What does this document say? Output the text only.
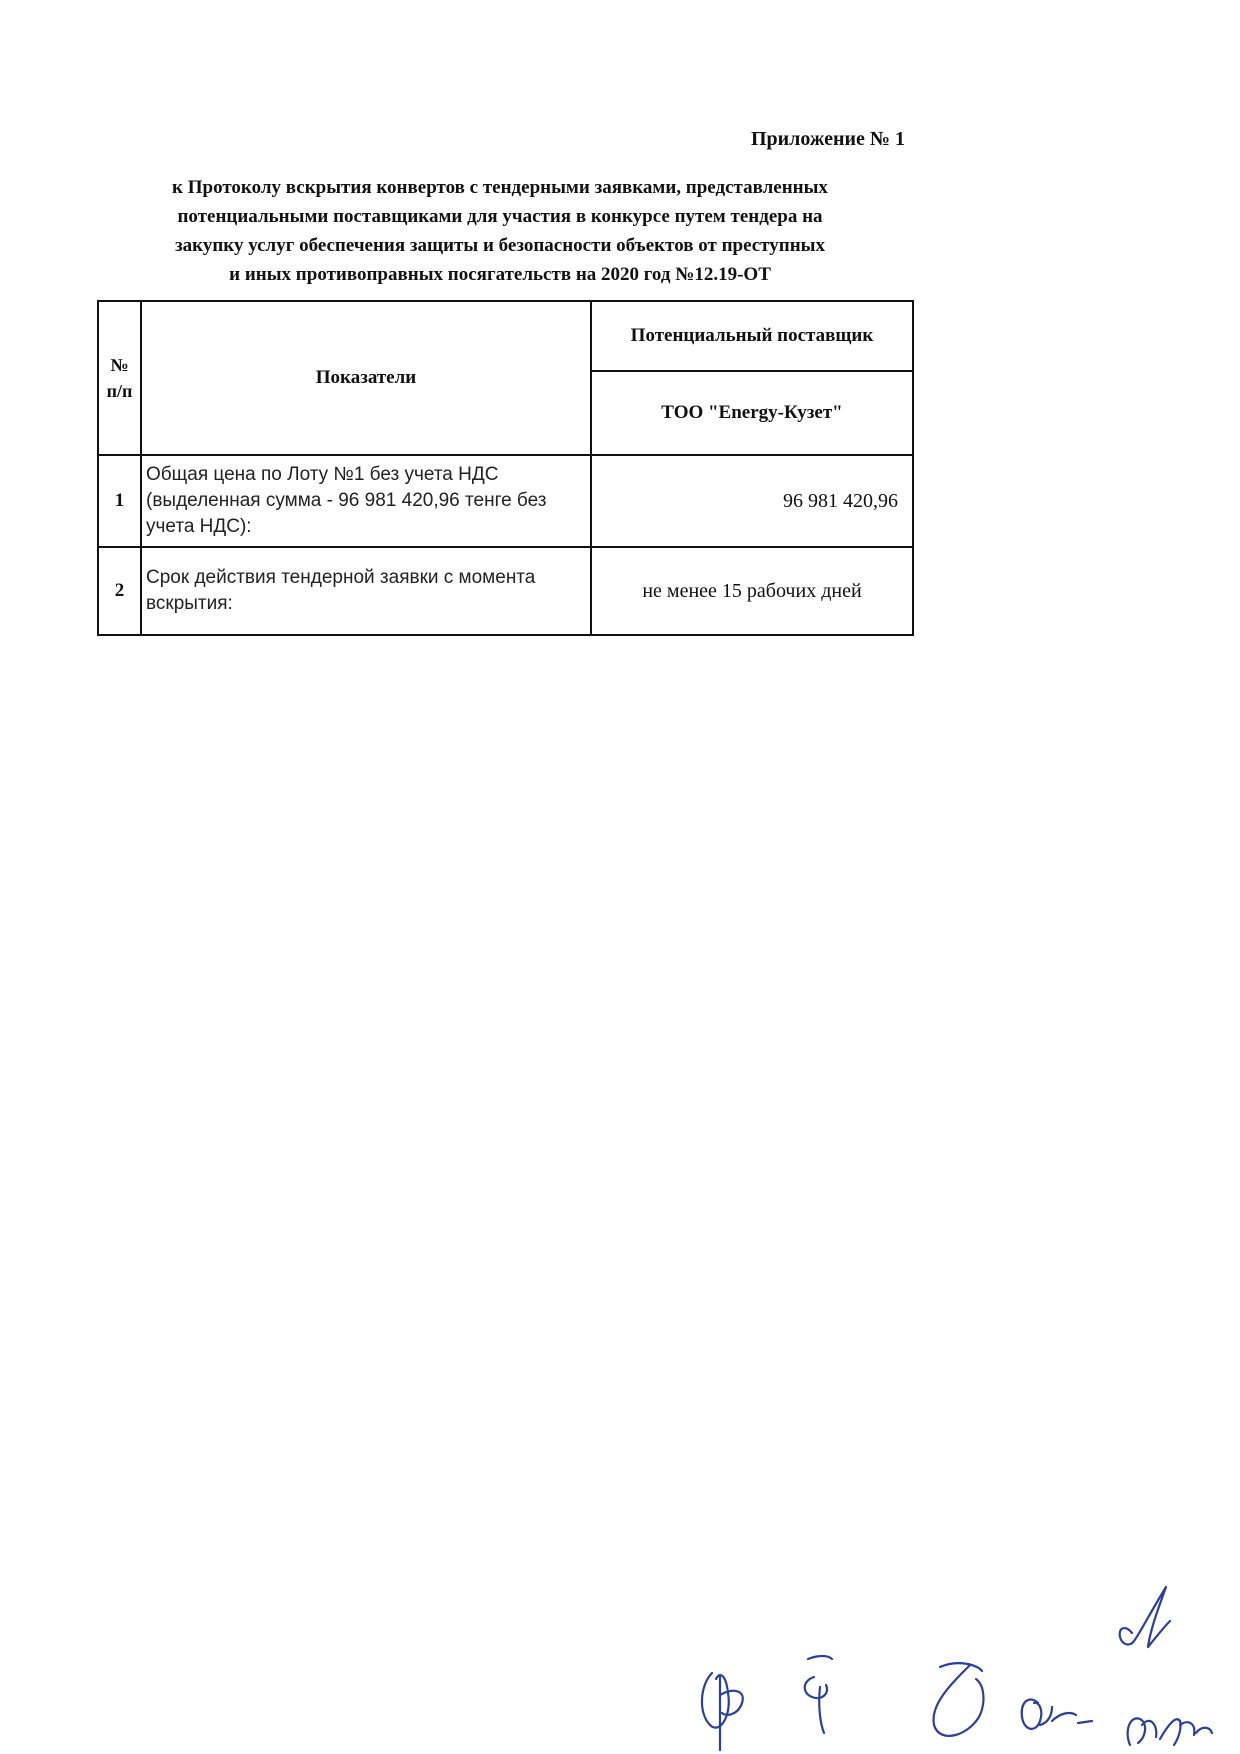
Приложение № 1
к Протоколу вскрытия конвертов с тендерными заявками, представленных
потенциальными поставщиками для участия в конкурсе путем тендера на
закупку услуг обеспечения защиты и безопасности объектов от преступных
и иных противоправных посягательств на 2020 год №12.19-ОТ
№
п/п	Показатели	Потенциальный поставщик
		ТОО "Energy-Кузет"
1	Общая цена по Лоту №1 без учета НДС (выделенная сумма - 96 981 420,96 тенге без учета НДС):	96 981 420,96
2	Срок действия тендерной заявки с момента вскрытия:	не менее 15 рабочих дней
